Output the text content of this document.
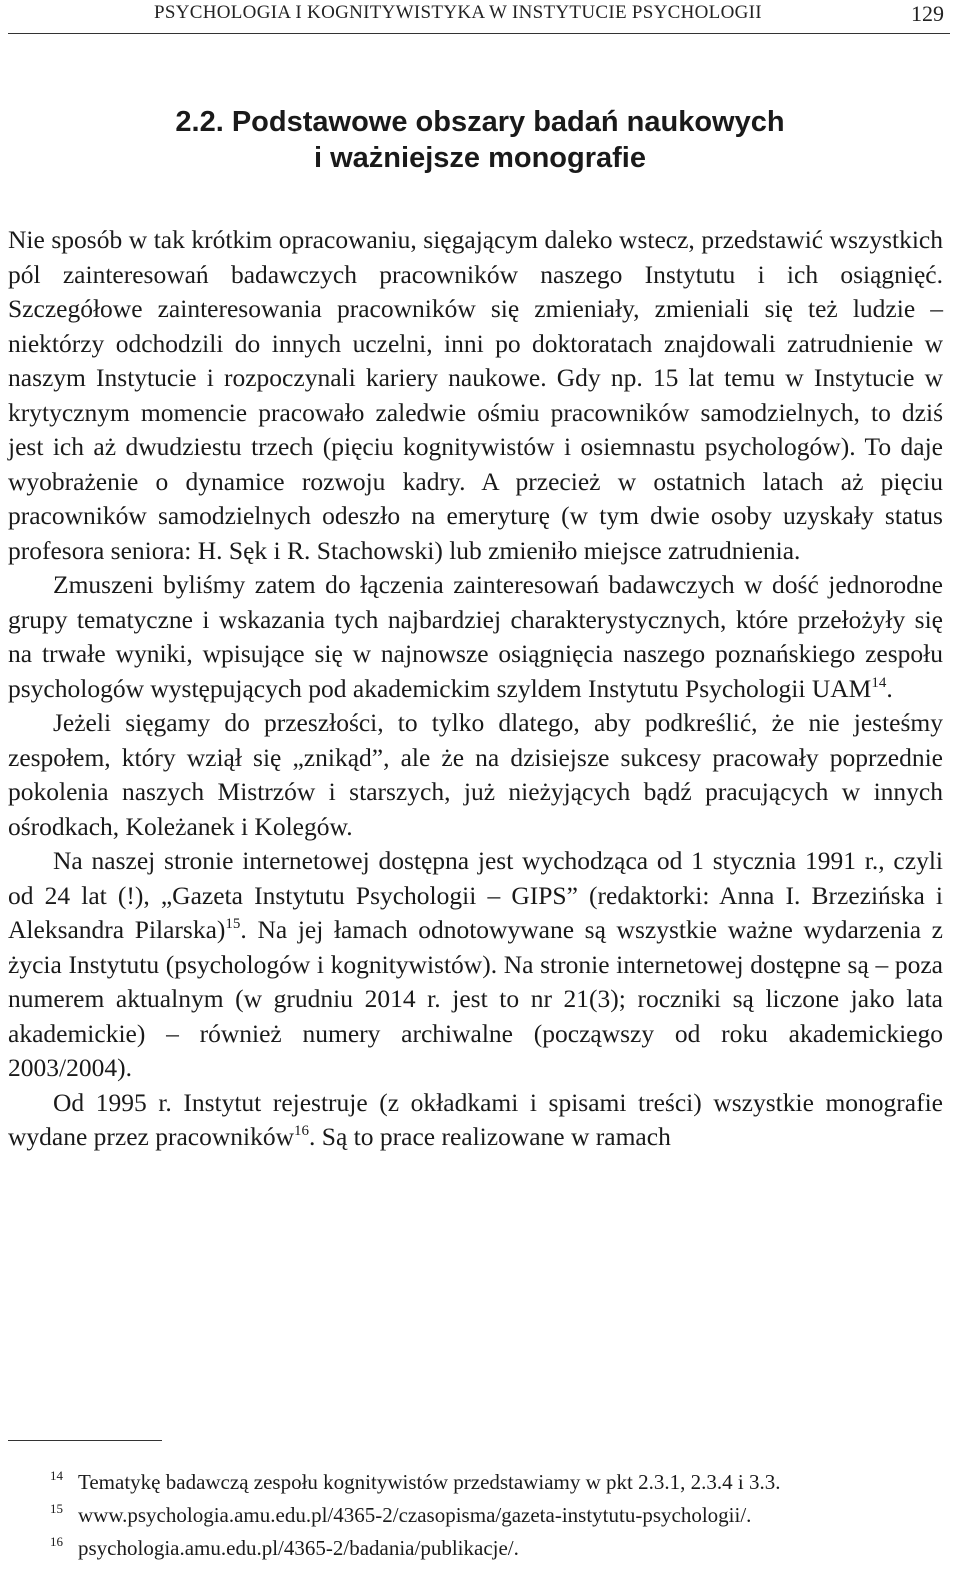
PSYCHOLOGIA I KOGNITYWISTYKA W INSTYTUCIE PSYCHOLOGII	129
2.2. Podstawowe obszary badań naukowych
i ważniejsze monografie

Nie sposób w tak krótkim opracowaniu, sięgającym daleko wstecz, przedstawić wszystkich pól zainteresowań badawczych pracowników naszego Instytutu i ich osiągnięć. Szczegółowe zainteresowania pracowników się zmieniały, zmieniali się też ludzie – niektórzy odchodzili do innych uczelni, inni po doktoratach znajdowali zatrudnienie w naszym Instytucie i rozpoczynali kariery naukowe. Gdy np. 15 lat temu w Instytucie w krytycznym momencie pracowało zaledwie ośmiu pracowników samodzielnych, to dziś jest ich aż dwudziestu trzech (pięciu kognitywistów i osiemnastu psychologów). To daje wyobrażenie o dynamice rozwoju kadry. A przecież w ostatnich latach aż pięciu pracowników samodzielnych odeszło na emeryturę (w tym dwie osoby uzyskały status profesora seniora: H. Sęk i R. Stachowski) lub zmieniło miejsce zatrudnienia.

Zmuszeni byliśmy zatem do łączenia zainteresowań badawczych w dość jednorodne grupy tematyczne i wskazania tych najbardziej charakterystycznych, które przełożyły się na trwałe wyniki, wpisujące się w najnowsze osiągnięcia naszego poznańskiego zespołu psychologów występujących pod akademickim szyldem Instytutu Psychologii UAM$^{14}$.

Jeżeli sięgamy do przeszłości, to tylko dlatego, aby podkreślić, że nie jesteśmy zespołem, który wziął się „znikąd”, ale że na dzisiejsze sukcesy pracowały poprzednie pokolenia naszych Mistrzów i starszych, już nieżyjących bądź pracujących w innych ośrodkach, Koleżanek i Kolegów.

Na naszej stronie internetowej dostępna jest wychodząca od 1 stycznia 1991 r., czyli od 24 lat (!), „Gazeta Instytutu Psychologii – GIPS” (redaktorki: Anna I. Brzezińska i Aleksandra Pilarska)$^{15}$. Na jej łamach odnotowywane są wszystkie ważne wydarzenia z życia Instytutu (psychologów i kognitywistów). Na stronie internetowej dostępne są – poza numerem aktualnym (w grudniu 2014 r. jest to nr 21(3); roczniki są liczone jako lata akademickie) – również numery archiwalne (począwszy od roku akademickiego 2003/2004).

Od 1995 r. Instytut rejestruje (z okładkami i spisami treści) wszystkie monografie wydane przez pracowników$^{16}$. Są to prace realizowane w ramach

14 Tematykę badawczą zespołu kognitywistów przedstawiamy w pkt 2.3.1, 2.3.4 i 3.3.
15 www.psychologia.amu.edu.pl/4365-2/czasopisma/gazeta-instytutu-psychologii/.
16 psychologia.amu.edu.pl/4365-2/badania/publikacje/.
